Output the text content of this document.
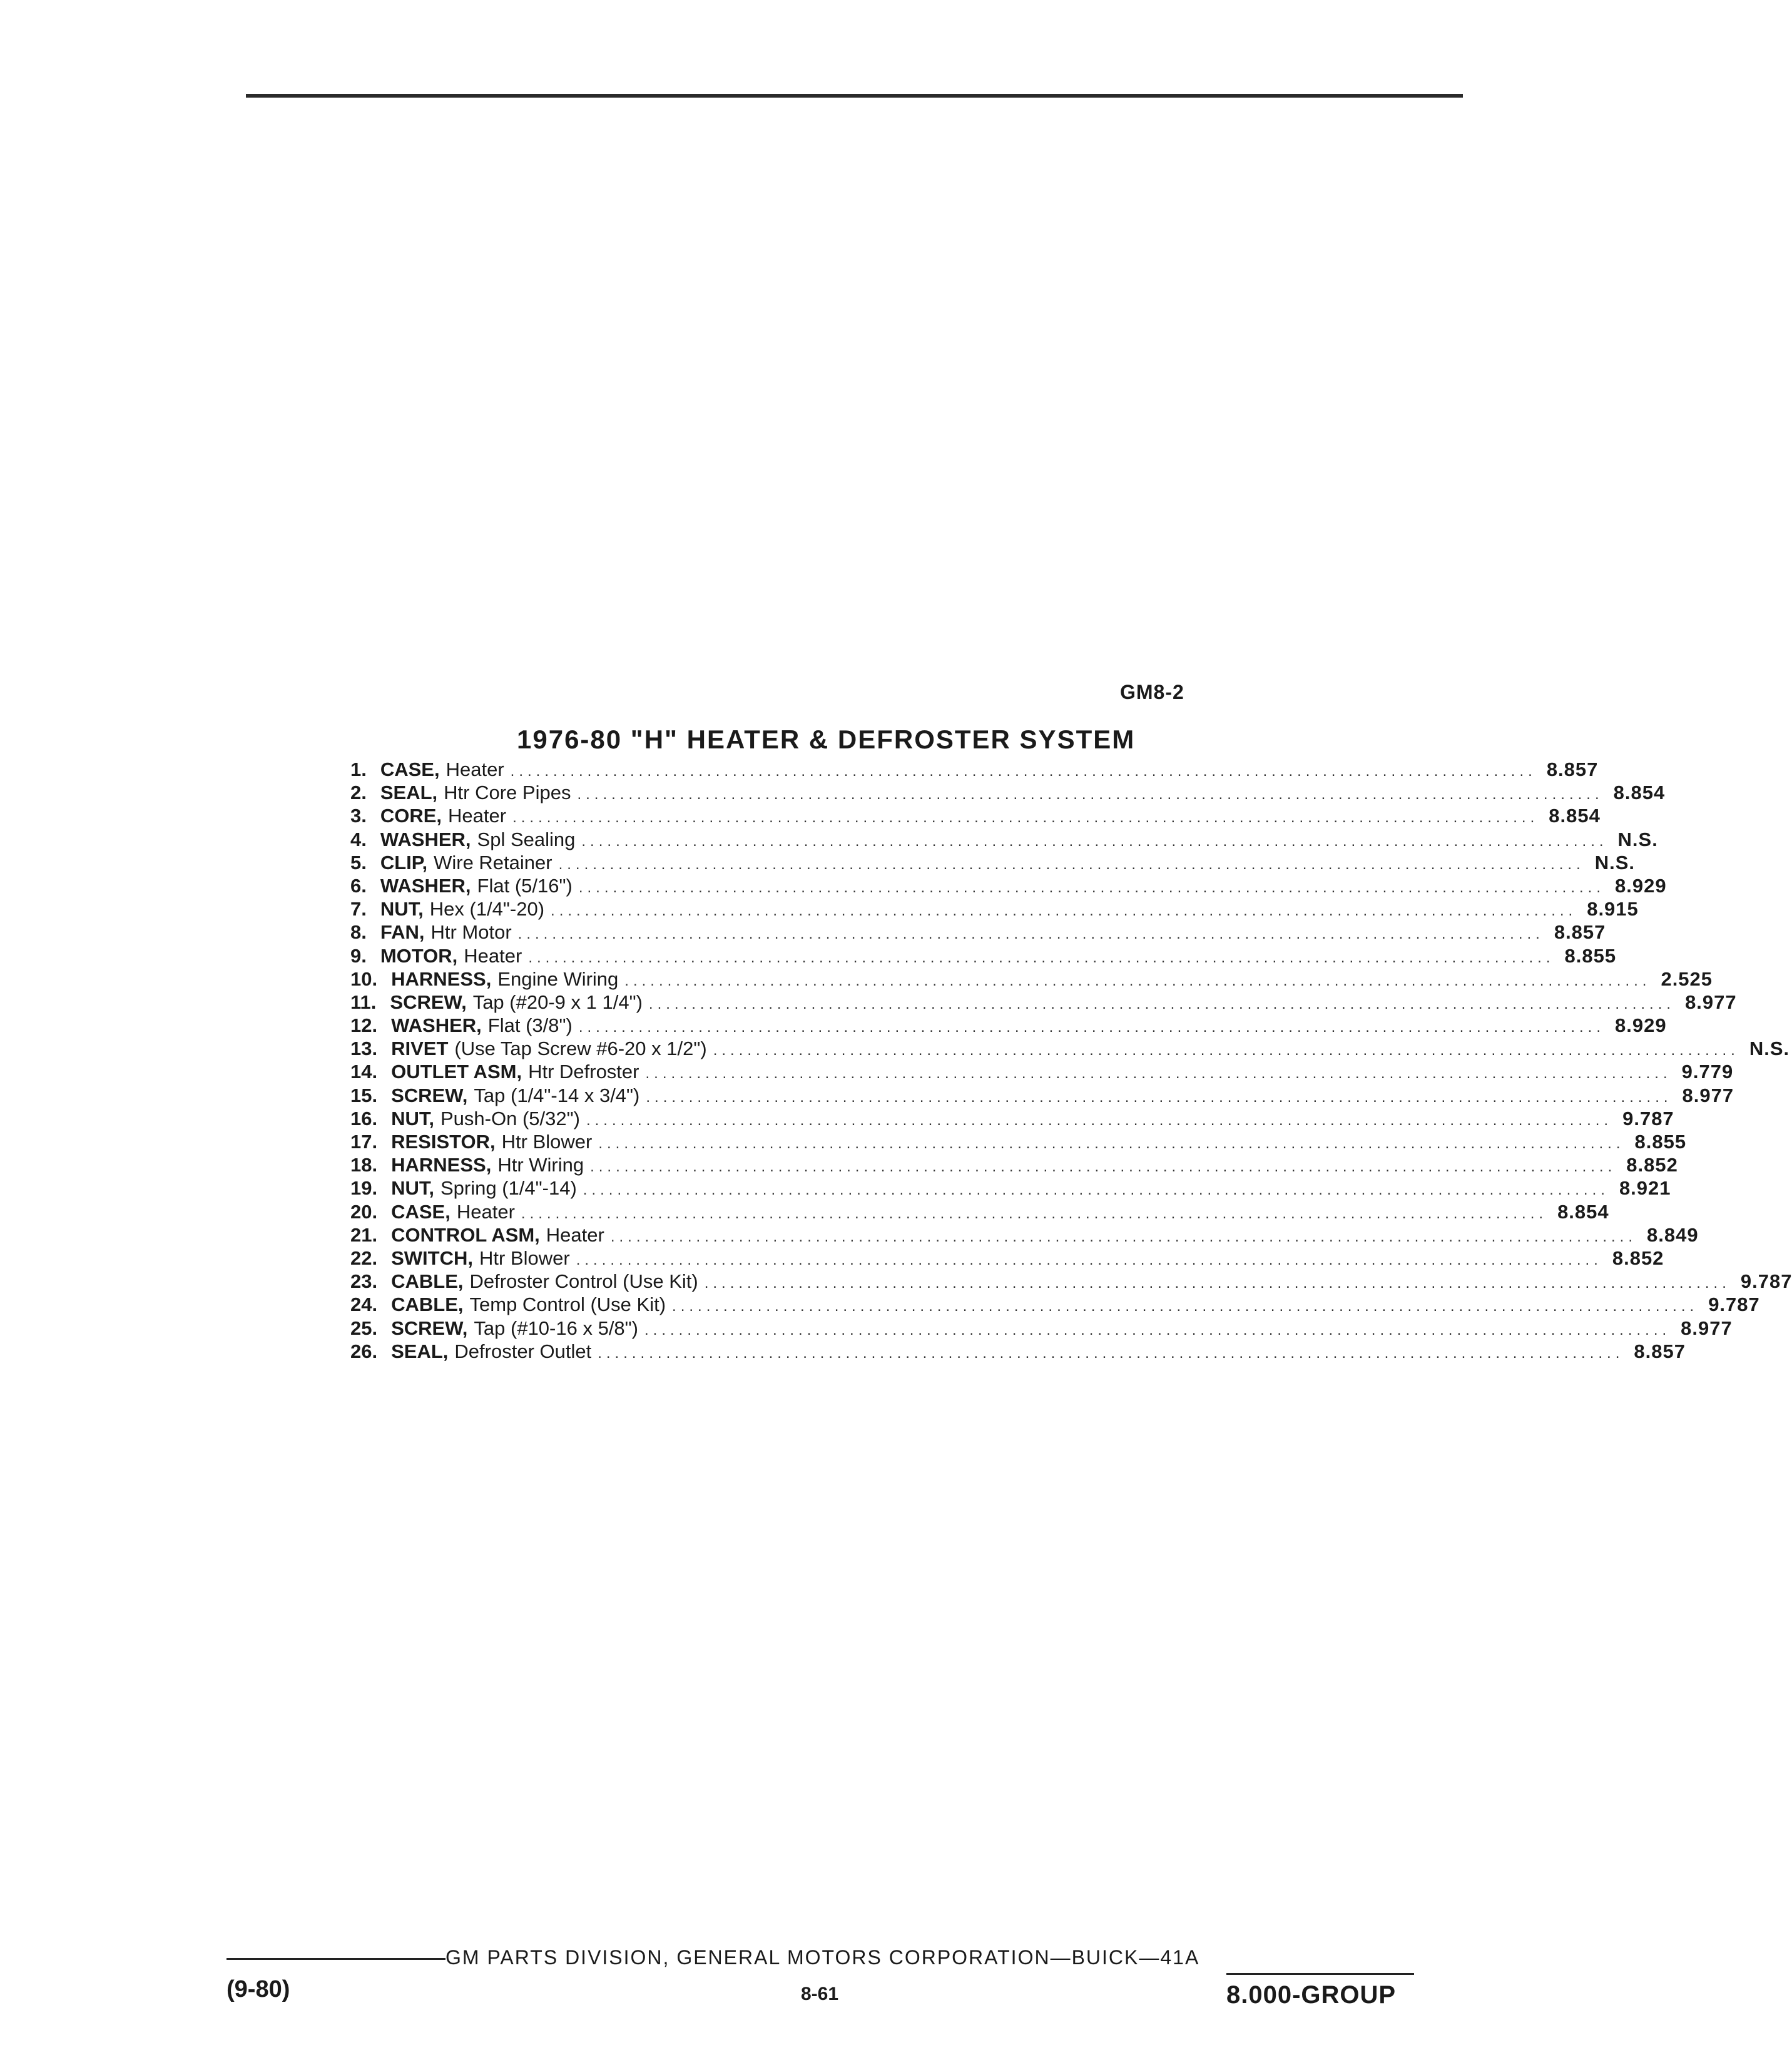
GM8-2
1976-80 "H" HEATER & DEFROSTER SYSTEM
1. CASE, Heater ........................................................................................................................ 8.857
2. SEAL, Htr Core Pipes ........................................................................................................................ 8.854
3. CORE, Heater ........................................................................................................................ 8.854
4. WASHER, Spl Sealing ........................................................................................................................ N.S.
5. CLIP, Wire Retainer ........................................................................................................................ N.S.
6. WASHER, Flat (5/16") ........................................................................................................................ 8.929
7. NUT, Hex (1/4"-20) ........................................................................................................................ 8.915
8. FAN, Htr Motor ........................................................................................................................ 8.857
9. MOTOR, Heater ........................................................................................................................ 8.855
10. HARNESS, Engine Wiring ........................................................................................................................ 2.525
11. SCREW, Tap (#20-9 x 1 1/4") ........................................................................................................................ 8.977
12. WASHER, Flat (3/8") ........................................................................................................................ 8.929
13. RIVET (Use Tap Screw #6-20 x 1/2") ........................................................................................................................ N.S.
14. OUTLET ASM, Htr Defroster ........................................................................................................................ 9.779
15. SCREW, Tap (1/4"-14 x 3/4") ........................................................................................................................ 8.977
16. NUT, Push-On (5/32") ........................................................................................................................ 9.787
17. RESISTOR, Htr Blower ........................................................................................................................ 8.855
18. HARNESS, Htr Wiring ........................................................................................................................ 8.852
19. NUT, Spring (1/4"-14) ........................................................................................................................ 8.921
20. CASE, Heater ........................................................................................................................ 8.854
21. CONTROL ASM, Heater ........................................................................................................................ 8.849
22. SWITCH, Htr Blower ........................................................................................................................ 8.852
23. CABLE, Defroster Control (Use Kit) ........................................................................................................................ 9.787
24. CABLE, Temp Control (Use Kit) ........................................................................................................................ 9.787
25. SCREW, Tap (#10-16 x 5/8") ........................................................................................................................ 8.977
26. SEAL, Defroster Outlet ........................................................................................................................ 8.857
GM PARTS DIVISION, GENERAL MOTORS CORPORATION—BUICK—41A
(9-80)	8-61	8.000-GROUP
